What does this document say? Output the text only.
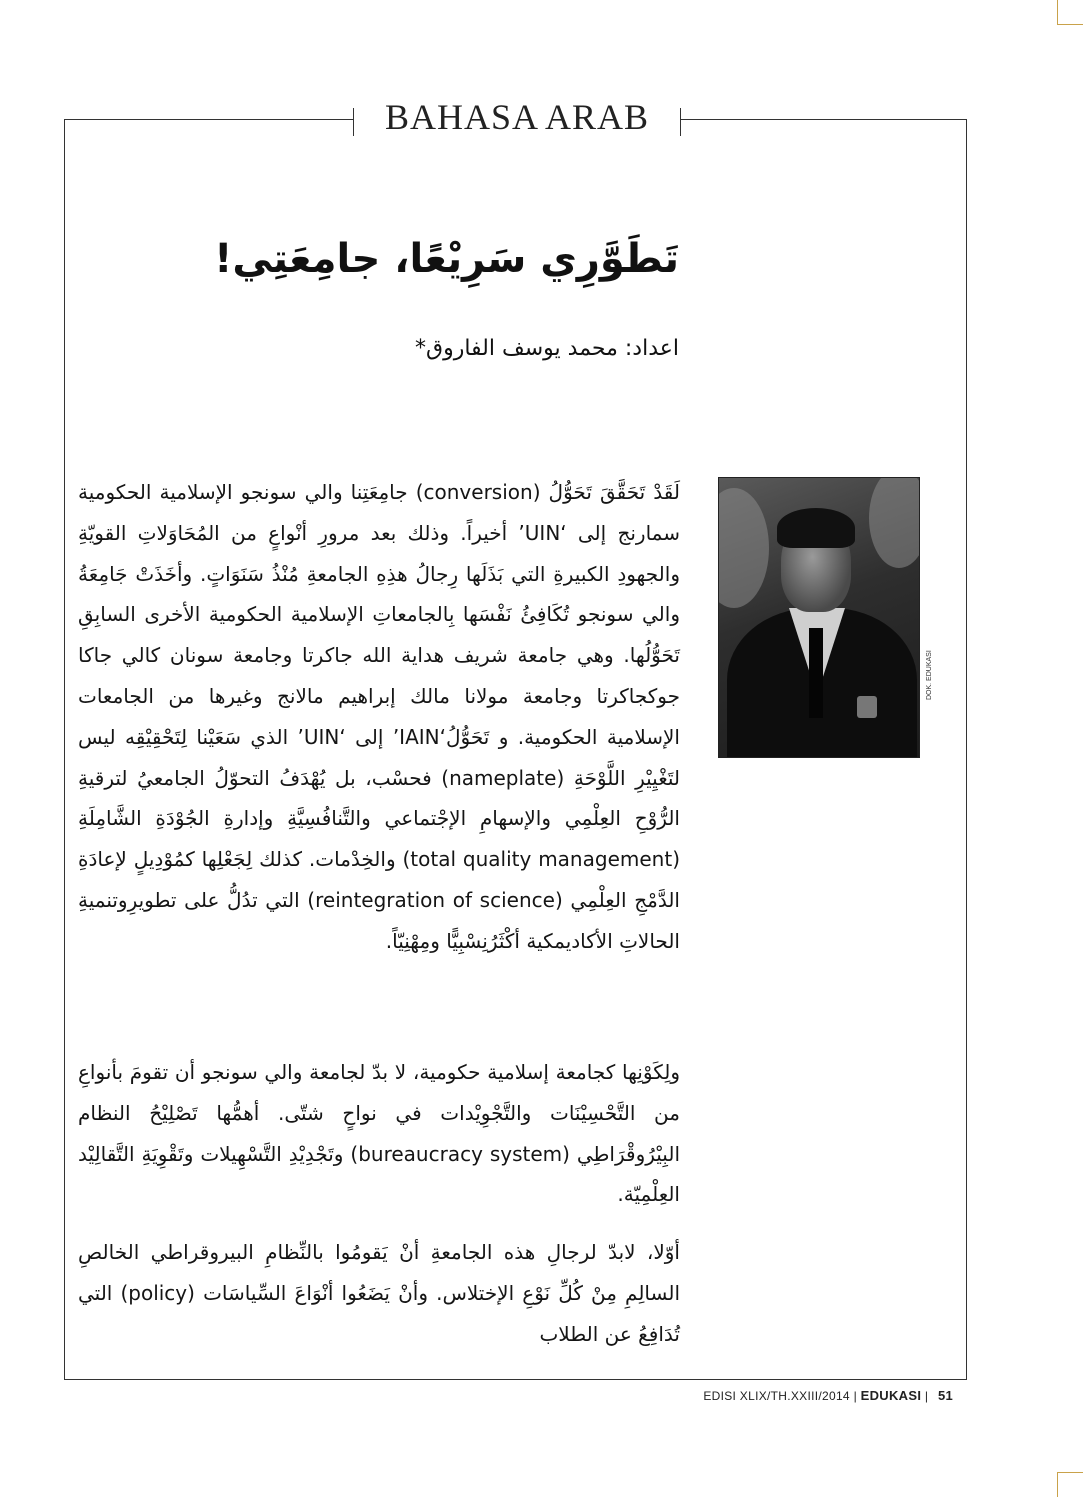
BAHASA ARAB
تَطَوَّرِي سَرِيْعًا، جامِعَتِي!
اعداد: محمد يوسف الفاروق*
DOK. EDUKASI

لَقَدْ تَحَقَّقَ تَحَوُّلُ (conversion) جامِعَتِنا والي سونجو الإسلامية الحكومية سمارنج إلى ‘UIN’ أخيراً. وذلك بعد مرورِ أنْواعٍ من المُحَاوَلاتِ القويّةِ والجهودِ الكبيرةِ التي بَذَلَها رِجالُ هذِهِ الجامعةِ مُنْذُ سَنَوَاتٍ. وأخَذَتْ جَامِعَةُ والي سونجو تُكَافِئُ نَفْسَها بِالجامعاتِ الإسلامية الحكومية الأخرى السابِقِ تَحَوُّلُها. وهي جامعة شريف هداية الله جاكرتا وجامعة سونان كالي جاكا جوكجاكرتا وجامعة مولانا مالك إبراهيم مالانج وغيرها من الجامعات الإسلامية الحكومية. و تَحَوُّلُ‘IAIN’ إلى ‘UIN’ الذي سَعَيْنا لِتَحْقِيْقِه ليس لتَغْيِيْرِ اللَّوْحَةِ (nameplate) فحسْب، بل يُهْدَفُ التحوّلُ الجامعيُ لترقيةِ الرُّوْحِ العِلْمِي والإسهامِ الإجْتماعي والتَّنافُسِيَّةِ وإدارةِ الجُوْدَةِ الشَّامِلَةِ (total quality management) والخِدْمات. كذلك لِجَعْلِها كمُوْدِيلٍ لإعادَةِ الدَّمْجِ العِلْمِي (reintegration of science) التي تدُلُّ على تطويرِوتنميةِ الحالاتِ الأكاديمكية أكْثَرُنِسْبِيًّا ومِهْنِيّاً.

ولِكَوْنِها كجامعة إسلامية حكومية، لا بدّ لجامعة والي سونجو أن تقومَ بأنواعِ من التَّحْسِيْنَات والتَّجْوِيْدات في نواحٍ شتّى. أهمُّها تَصْلِيْحُ النظام البِيْرُوقْرَاطِي (bureaucracy system) وتَجْدِيْدِ التَّسْهِيلات وتَقْوِيَةِ التَّقالِيْد العِلْمِيّة.

أوّلا، لابدّ لرجالِ هذه الجامعةِ أنْ يَقومُوا بالنِّظامِ البيروقراطي الخالصِ السالِمِ مِنْ كُلِّ نَوْعِ الإختلاس. وأنْ يَضَعُوا أنْوَاعَ السِّياسَات (policy) التي تُدَافِعُ عن الطلاب

EDISI XLIX/TH.XXIII/2014 | EDUKASI | 51
